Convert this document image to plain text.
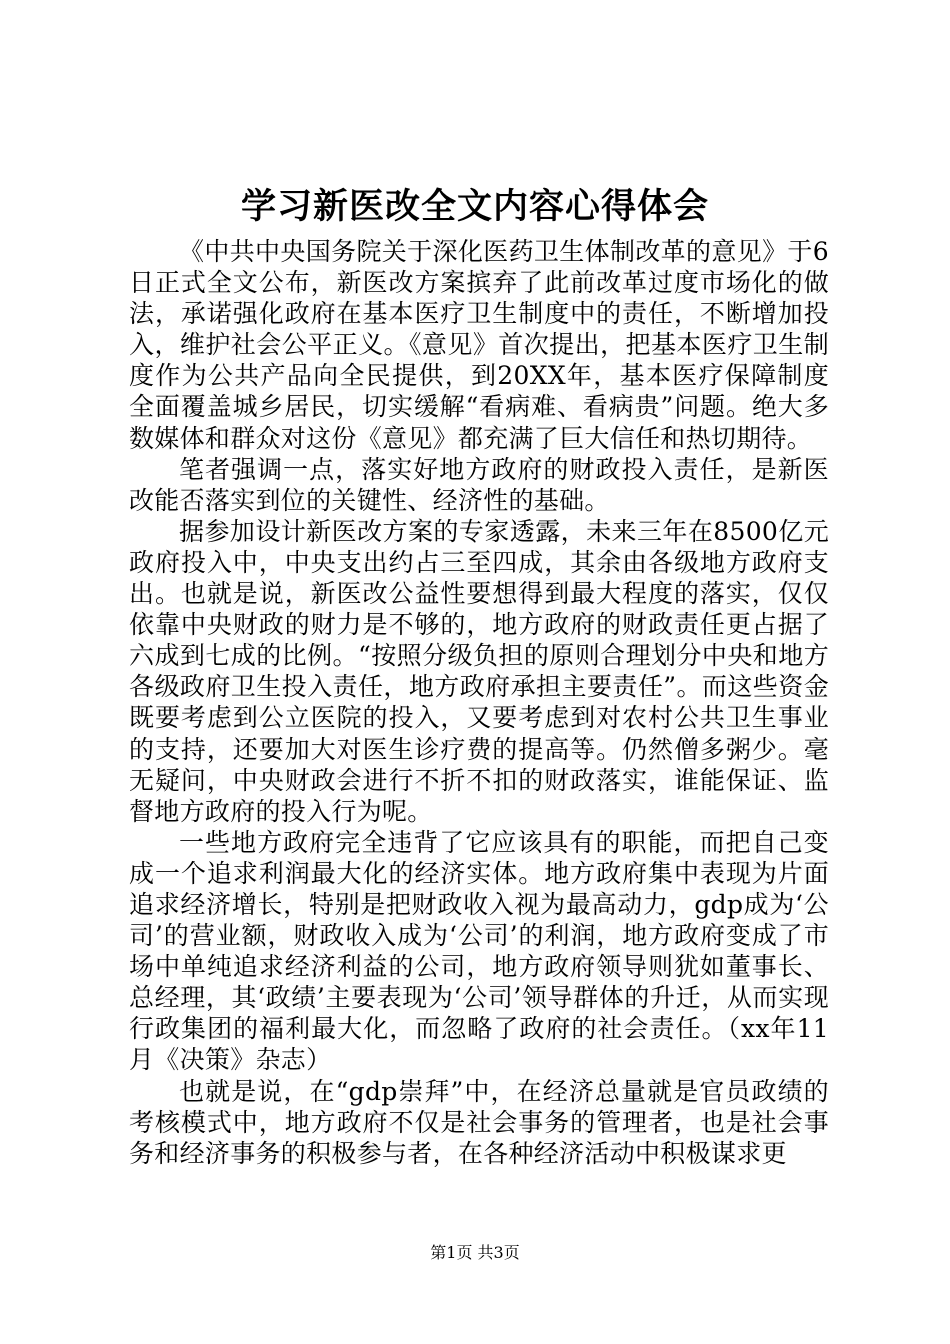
学习新医改全文内容心得体会

《中共中央国务院关于深化医药卫生体制改革的意见》于6日正式全文公布，新医改方案摈弃了此前改革过度市场化的做法，承诺强化政府在基本医疗卫生制度中的责任，不断增加投入，维护社会公平正义。《意见》首次提出，把基本医疗卫生制度作为公共产品向全民提供，到20XX年，基本医疗保障制度全面覆盖城乡居民，切实缓解“看病难、看病贵”问题。绝大多数媒体和群众对这份《意见》都充满了巨大信任和热切期待。

笔者强调一点，落实好地方政府的财政投入责任，是新医改能否落实到位的关键性、经济性的基础。

据参加设计新医改方案的专家透露，未来三年在8500亿元政府投入中，中央支出约占三至四成，其余由各级地方政府支出。也就是说，新医改公益性要想得到最大程度的落实，仅仅依靠中央财政的财力是不够的，地方政府的财政责任更占据了六成到七成的比例。“按照分级负担的原则合理划分中央和地方各级政府卫生投入责任，地方政府承担主要责任”。而这些资金既要考虑到公立医院的投入，又要考虑到对农村公共卫生事业的支持，还要加大对医生诊疗费的提高等。仍然僧多粥少。毫无疑问，中央财政会进行不折不扣的财政落实，谁能保证、监督地方政府的投入行为呢。

一些地方政府完全违背了它应该具有的职能，而把自己变成一个追求利润最大化的经济实体。地方政府集中表现为片面追求经济增长，特别是把财政收入视为最高动力，gdp成为‘公司’的营业额，财政收入成为‘公司’的利润，地方政府变成了市场中单纯追求经济利益的公司，地方政府领导则犹如董事长、总经理，其‘政绩’主要表现为‘公司’领导群体的升迁，从而实现行政集团的福利最大化，而忽略了政府的社会责任。（xx年11月《决策》杂志）

也就是说，在“gdp崇拜”中，在经济总量就是官员政绩的考核模式中，地方政府不仅是社会事务的管理者，也是社会事务和经济事务的积极参与者，在各种经济活动中积极谋求更

第1页 共3页
